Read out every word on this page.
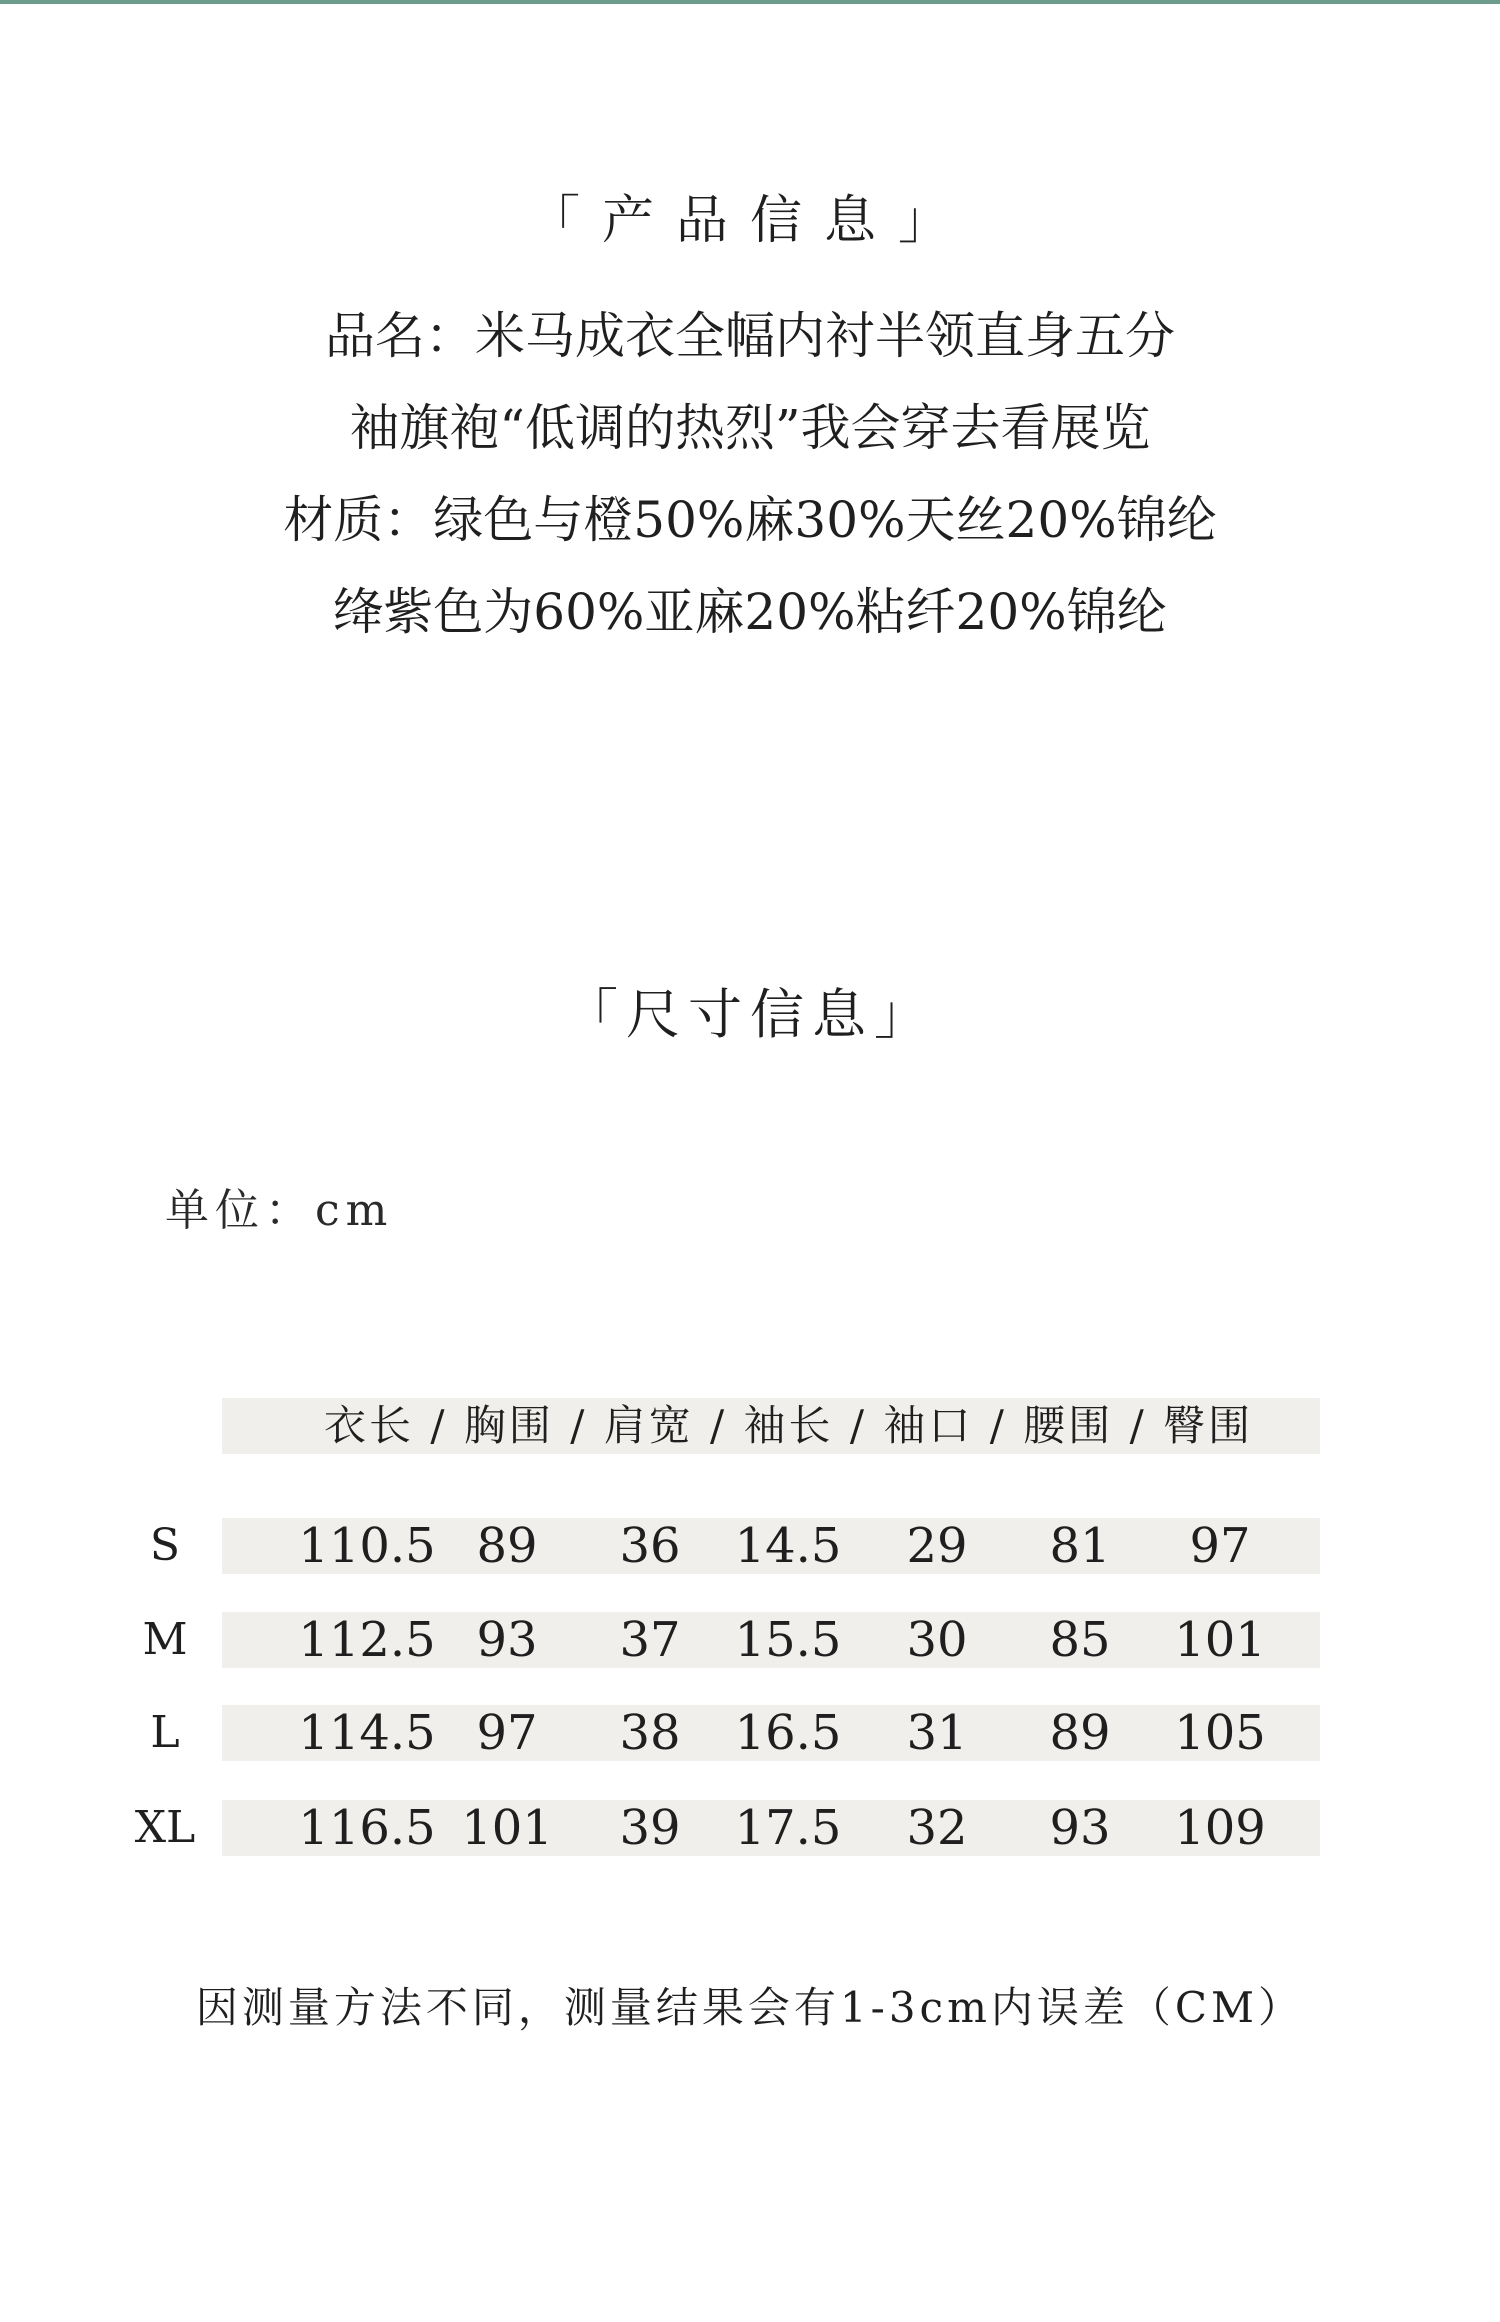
「产品信息」
品名：米马成衣全幅内衬半领直身五分
袖旗袍“低调的热烈”我会穿去看展览
材质：绿色与橙50%麻30%天丝20%锦纶
绛紫色为60%亚麻20%粘纤20%锦纶
「尺寸信息」
单位：cm
衣长 / 胸围 / 肩宽 / 袖长 / 袖口 / 腰围 / 臀围
S	110.5 89	36	14.5	29	81	97
M 112.5 93	37	15.5	30	85	101
L	114.5 97	38	16.5	31	89	105
XL 116.5 101	39	17.5	32	93	109
因测量方法不同，测量结果会有1-3cm内误差（CM）
